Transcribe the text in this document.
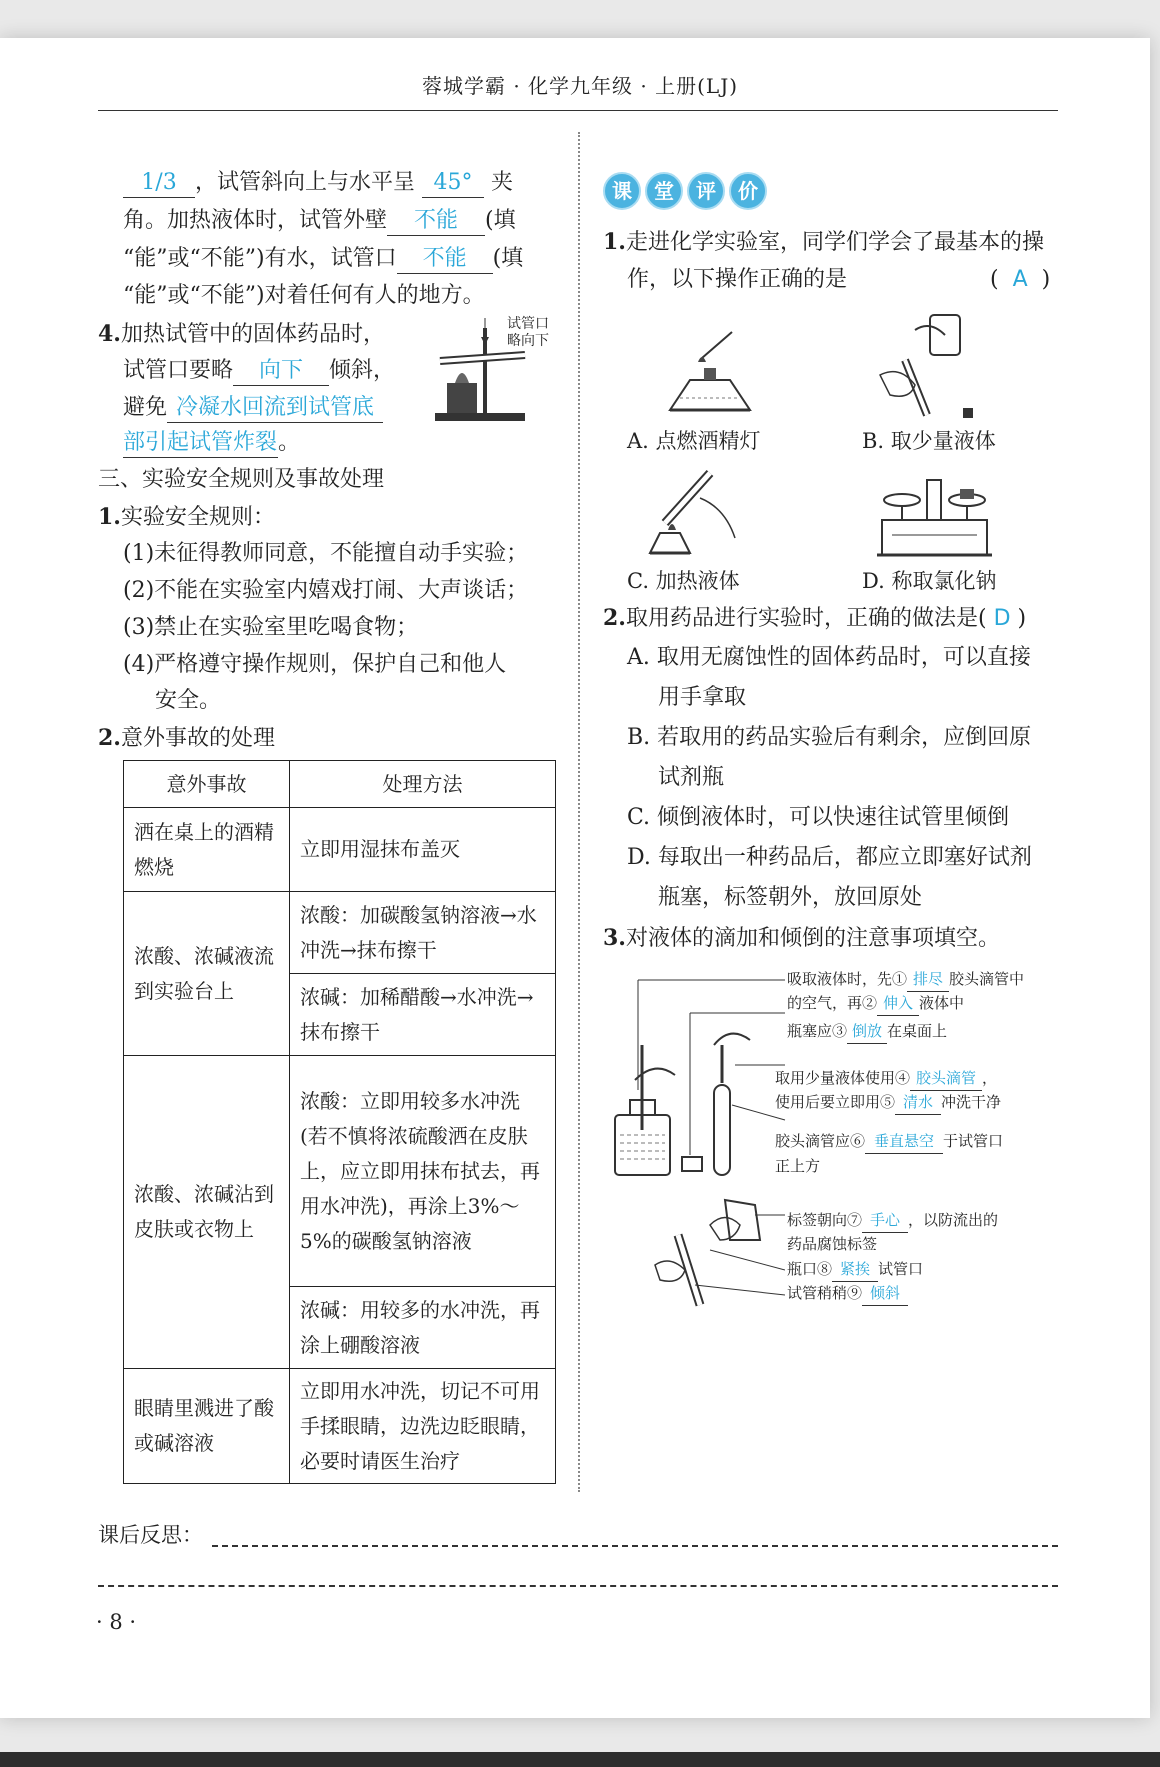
蓉城学霸 · 化学九年级 · 上册(LJ)
1/3 ，试管斜向上与水平呈 45° 夹
角。加热液体时，试管外壁 不能 (填
“能”或“不能”)有水，试管口 不能 (填
“能”或“不能”)对着任何有人的地方。
4.加热试管中的固体药品时，
试管口要略 向下 倾斜，
避免 冷凝水回流到试管底
部引起试管炸裂。
试管口
略向下
三、实验安全规则及事故处理
1.实验安全规则：
(1)未征得教师同意，不能擅自动手实验；
(2)不能在实验室内嬉戏打闹、大声谈话；
(3)禁止在实验室里吃喝食物；
(4)严格遵守操作规则，保护自己和他人
安全。
2.意外事故的处理
意外事故	处理方法
洒在桌上的酒精燃烧	立即用湿抹布盖灭
浓酸、浓碱液流到实验台上	浓酸：加碳酸氢钠溶液→水冲洗→抹布擦干
	浓碱：加稀醋酸→水冲洗→抹布擦干
浓酸、浓碱沾到皮肤或衣物上	浓酸：立即用较多水冲洗(若不慎将浓硫酸洒在皮肤上，应立即用抹布拭去，再用水冲洗)，再涂上3%～5%的碳酸氢钠溶液
	浓碱：用较多的水冲洗，再涂上硼酸溶液
眼睛里溅进了酸或碱溶液	立即用水冲洗，切记不可用手揉眼睛，边洗边眨眼睛，必要时请医生治疗
课 堂 评 价
1.走进化学实验室，同学们学会了最基本的操
作，以下操作正确的是	(  A  )
A. 点燃酒精灯	B. 取少量液体
C. 加热液体	D. 称取氯化钠
2.取用药品进行实验时，正确的做法是( D )
A. 取用无腐蚀性的固体药品时，可以直接
用手拿取
B. 若取用的药品实验后有剩余，应倒回原
试剂瓶
C. 倾倒液体时，可以快速往试管里倾倒
D. 每取出一种药品后，都应立即塞好试剂
瓶塞，标签朝外，放回原处
3.对液体的滴加和倾倒的注意事项填空。
吸取液体时，先① 排尽 胶头滴管中
的空气，再② 伸入 液体中
瓶塞应③ 倒放 在桌面上
取用少量液体使用④ 胶头滴管 ，
使用后要立即用⑤ 清水 冲洗干净
胶头滴管应⑥ 垂直悬空 于试管口
正上方
标签朝向⑦ 手心 ，以防流出的
药品腐蚀标签
瓶口⑧ 紧挨 试管口
试管稍稍⑨ 倾斜
课后反思：
· 8 ·
